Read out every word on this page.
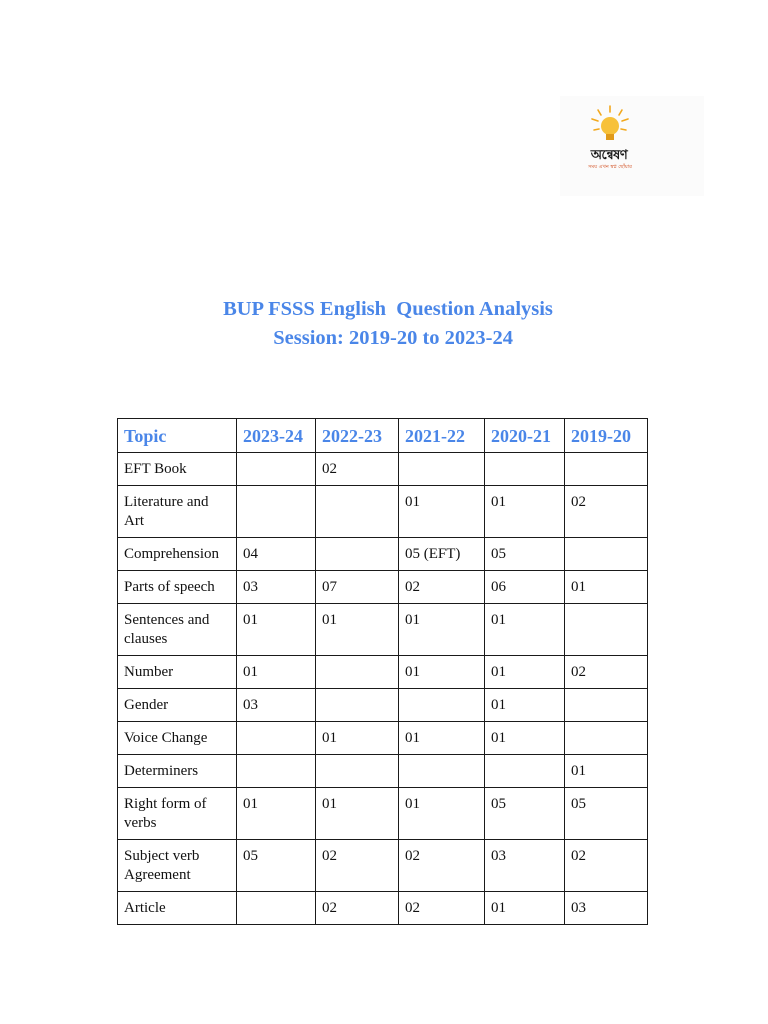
অন্বেষণ
সময় এখন স্বপ্ন ছোঁয়ার
BUP FSSS English  Question Analysis
Session: 2019-20 to 2023-24
Topic	2023-24	2022-23	2021-22	2020-21	2019-20
EFT Book		02			
Literature and Art			01	01	02
Comprehension	04		05 (EFT)	05	
Parts of speech	03	07	02	06	01
Sentences and clauses	01	01	01	01	
Number	01		01	01	02
Gender	03			01	
Voice Change		01	01	01	
Determiners					01
Right form of verbs	01	01	01	05	05
Subject verb Agreement	05	02	02	03	02
Article		02	02	01	03
